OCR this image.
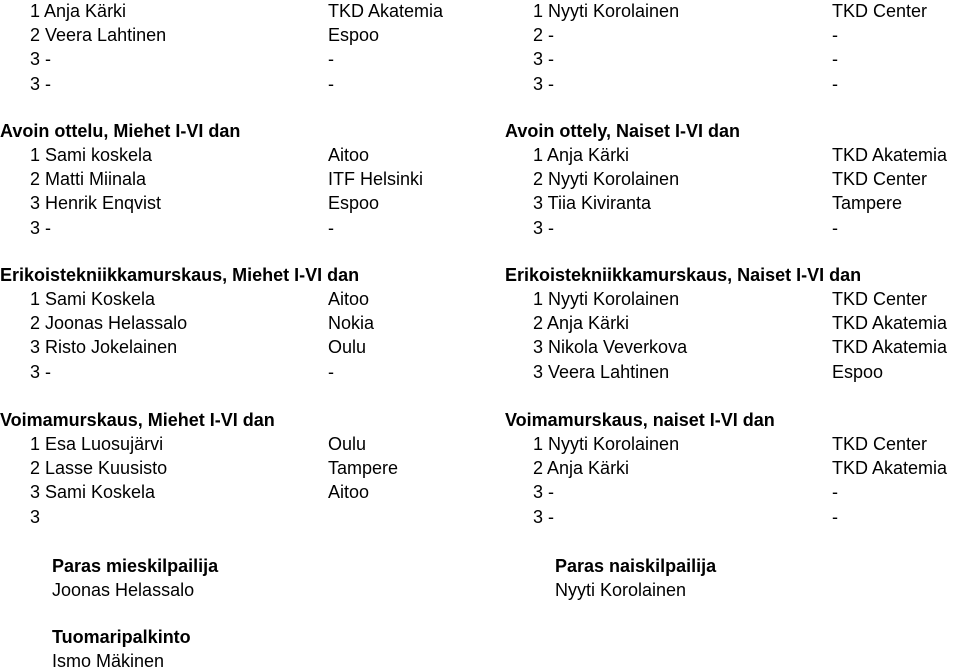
1 Anja Kärki	TKD Akatemia
2 Veera Lahtinen	Espoo
3 -	-
3 -	-
1 Nyyti Korolainen	TKD Center
2 -	-
3 -	-
3 -	-
Avoin ottelu, Miehet I-VI dan
1 Sami koskela	Aitoo
2 Matti Miinala	ITF Helsinki
3 Henrik Enqvist	Espoo
3 -	-
Avoin ottely, Naiset I-VI dan
1 Anja Kärki	TKD Akatemia
2 Nyyti Korolainen	TKD Center
3 Tiia Kiviranta	Tampere
3 -	-
Erikoistekniikkamurskaus, Miehet I-VI dan
1 Sami Koskela	Aitoo
2 Joonas Helassalo	Nokia
3 Risto Jokelainen	Oulu
3 -	-
Erikoistekniikkamurskaus, Naiset I-VI dan
1 Nyyti Korolainen	TKD Center
2 Anja Kärki	TKD Akatemia
3 Nikola Veverkova	TKD Akatemia
3 Veera Lahtinen	Espoo
Voimamurskaus, Miehet I-VI dan
1 Esa Luosujärvi	Oulu
2 Lasse Kuusisto	Tampere
3 Sami Koskela	Aitoo
3
Voimamurskaus, naiset I-VI dan
1 Nyyti Korolainen	TKD Center
2 Anja Kärki	TKD Akatemia
3 -	-
3 -	-
Paras mieskilpailija
Joonas Helassalo
Paras naiskilpailija
Nyyti Korolainen
Tuomaripalkinto
Ismo Mäkinen
